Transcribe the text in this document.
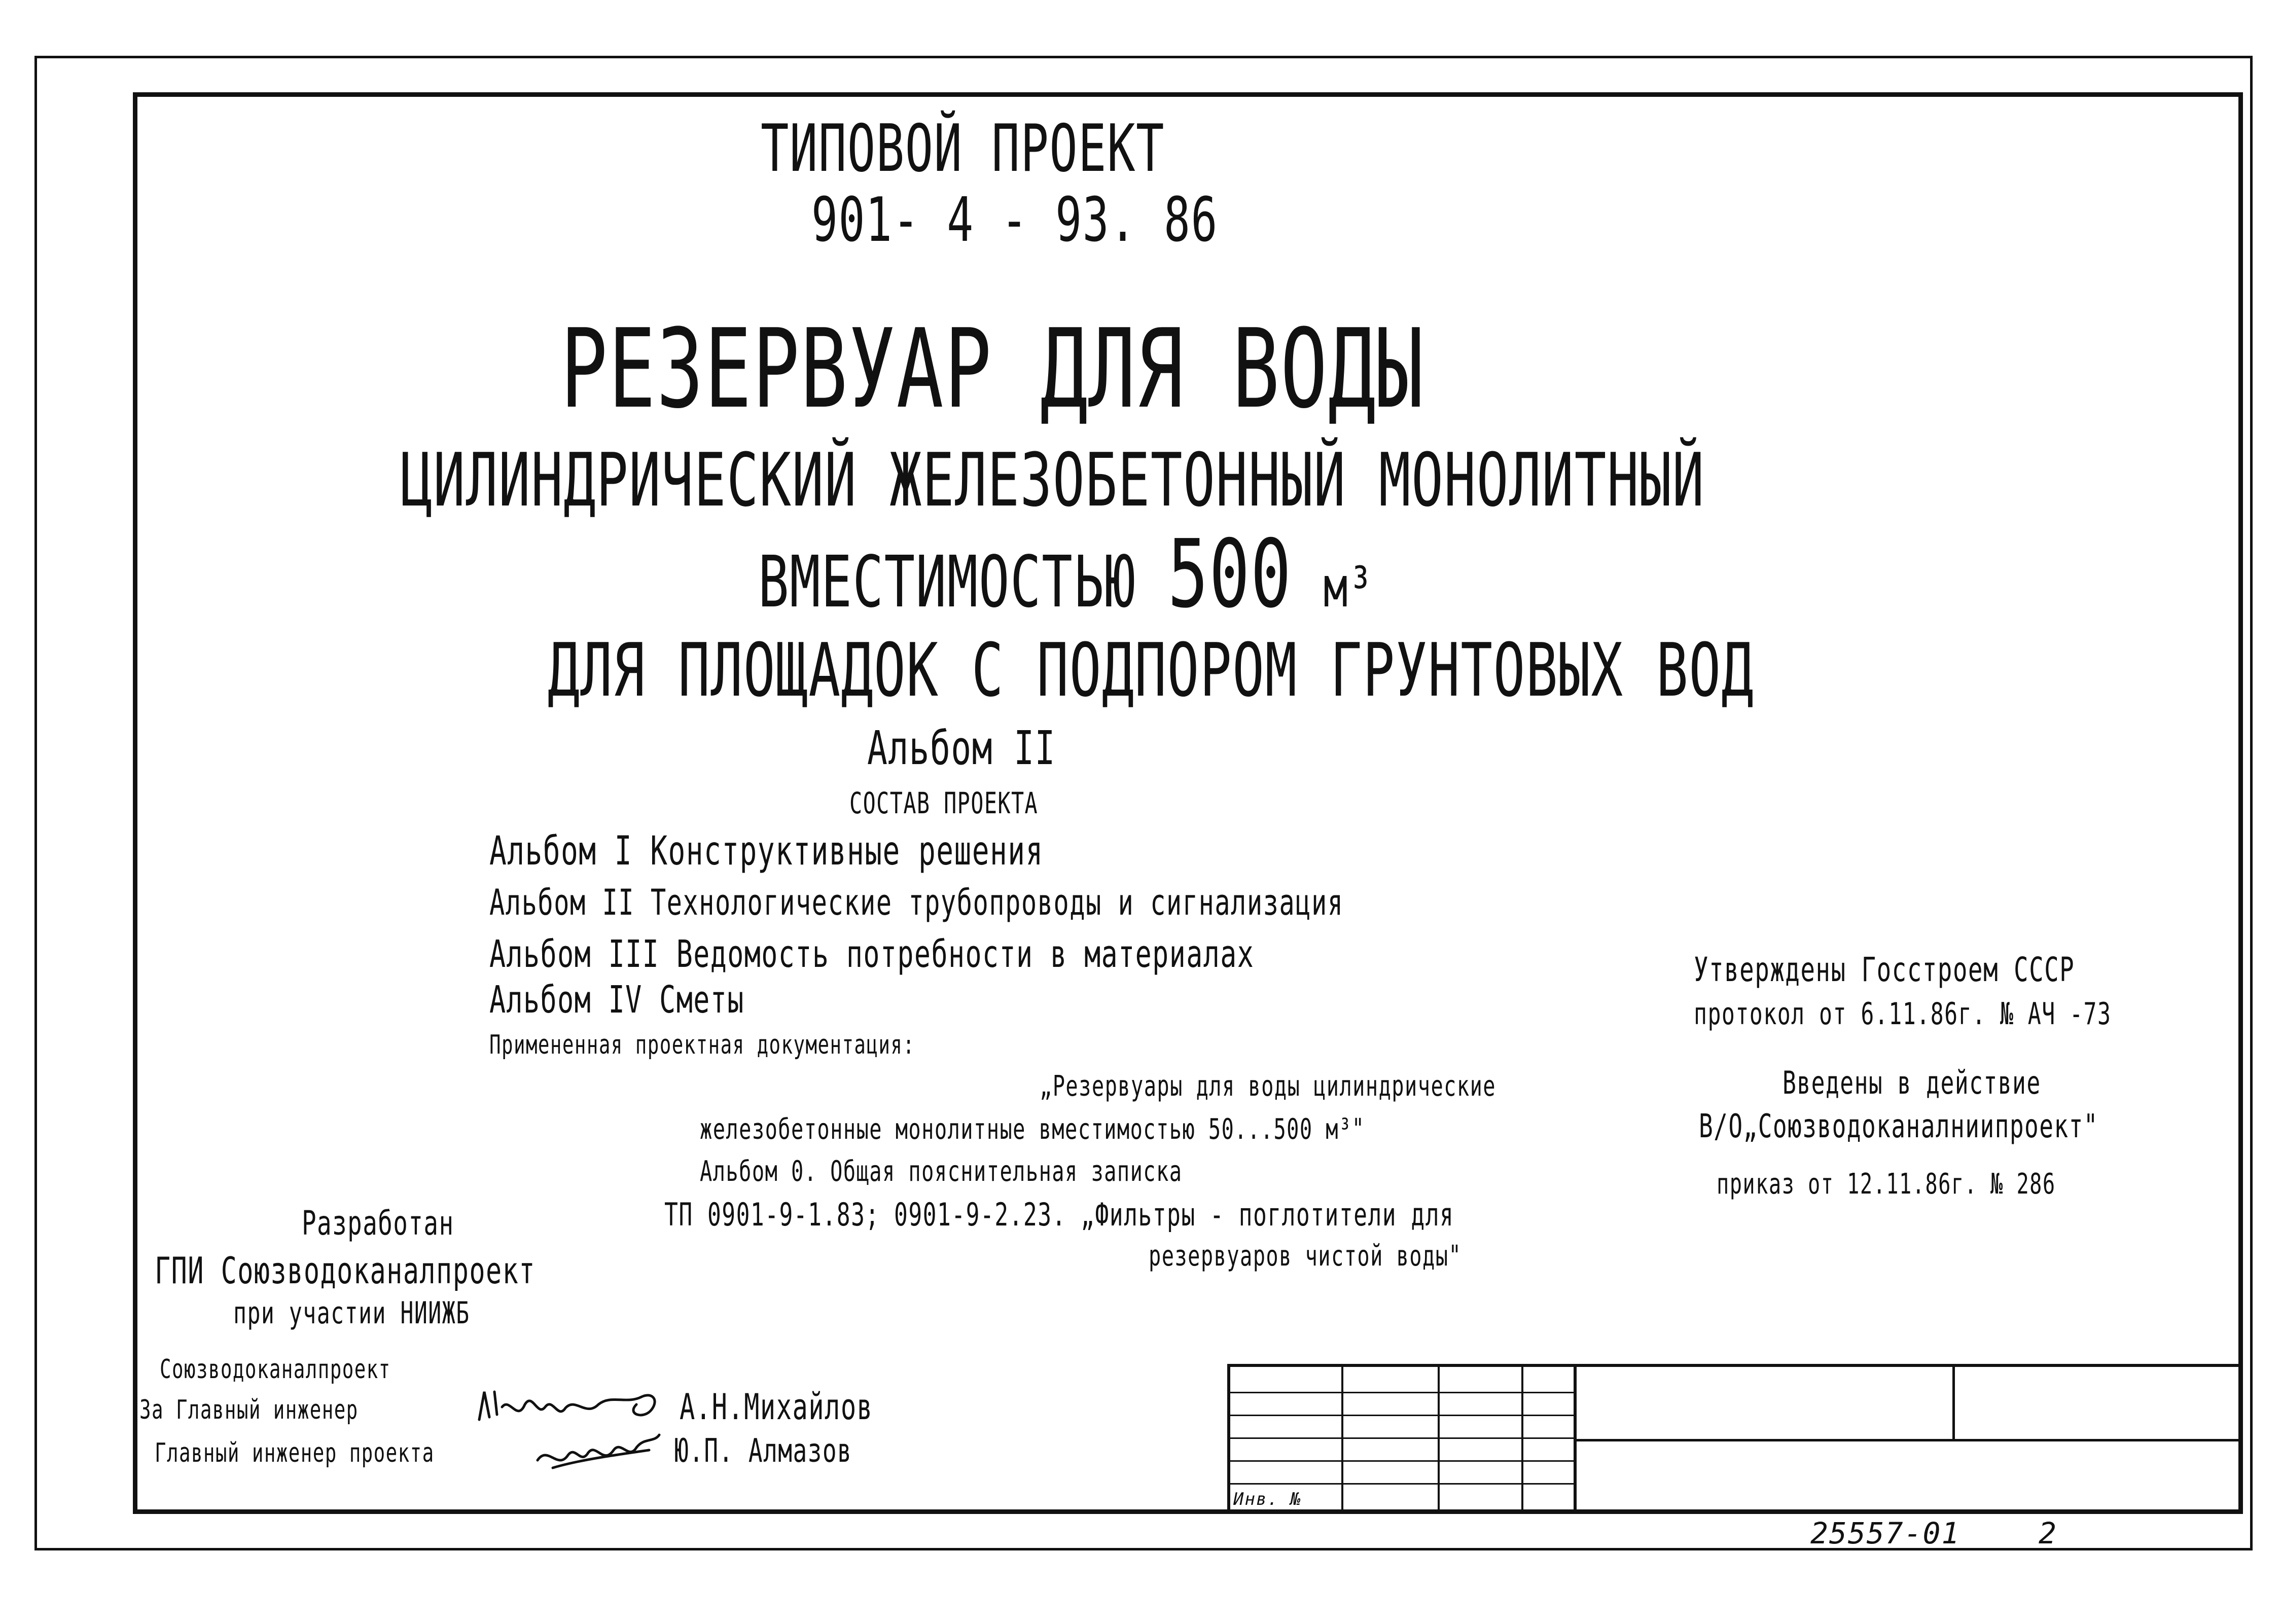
ТИПОВОЙ ПРОЕКТ
901- 4 - 93. 86
РЕЗЕРВУАР ДЛЯ ВОДЫ
ЦИЛИНДРИЧЕСКИЙ ЖЕЛЕЗОБЕТОННЫЙ МОНОЛИТНЫЙ
ВМЕСТИМОСТЬЮ 500 м³
ДЛЯ ПЛОЩАДОК С ПОДПОРОМ ГРУНТОВЫХ ВОД
Альбом II
СОСТАВ ПРОЕКТА
Альбом I Конструктивные решения
Альбом II Технологические трубопроводы и сигнализация
Альбом III Ведомость потребности в материалах
Альбом IV Сметы
Примененная проектная документация:
„Резервуары для воды цилиндрические
железобетонные монолитные вместимостью 50...500 м³"
Альбом 0. Общая пояснительная записка
ТП 0901-9-1.83; 0901-9-2.23. „Фильтры - поглотители для
резервуаров чистой воды"
Утверждены Госстроем СССР
протокол от 6.11.86г. № АЧ -73
Введены в действие
В/О„Союзводоканалниипроект"
приказ от 12.11.86г. № 286
Разработан
ГПИ Союзводоканалпроект
при участии НИИЖБ
Союзводоканалпроект
За Главный инженер	А.Н.Михайлов
Главный инженер проекта	Ю.П. Алмазов
Инв. №
25557-01	2
